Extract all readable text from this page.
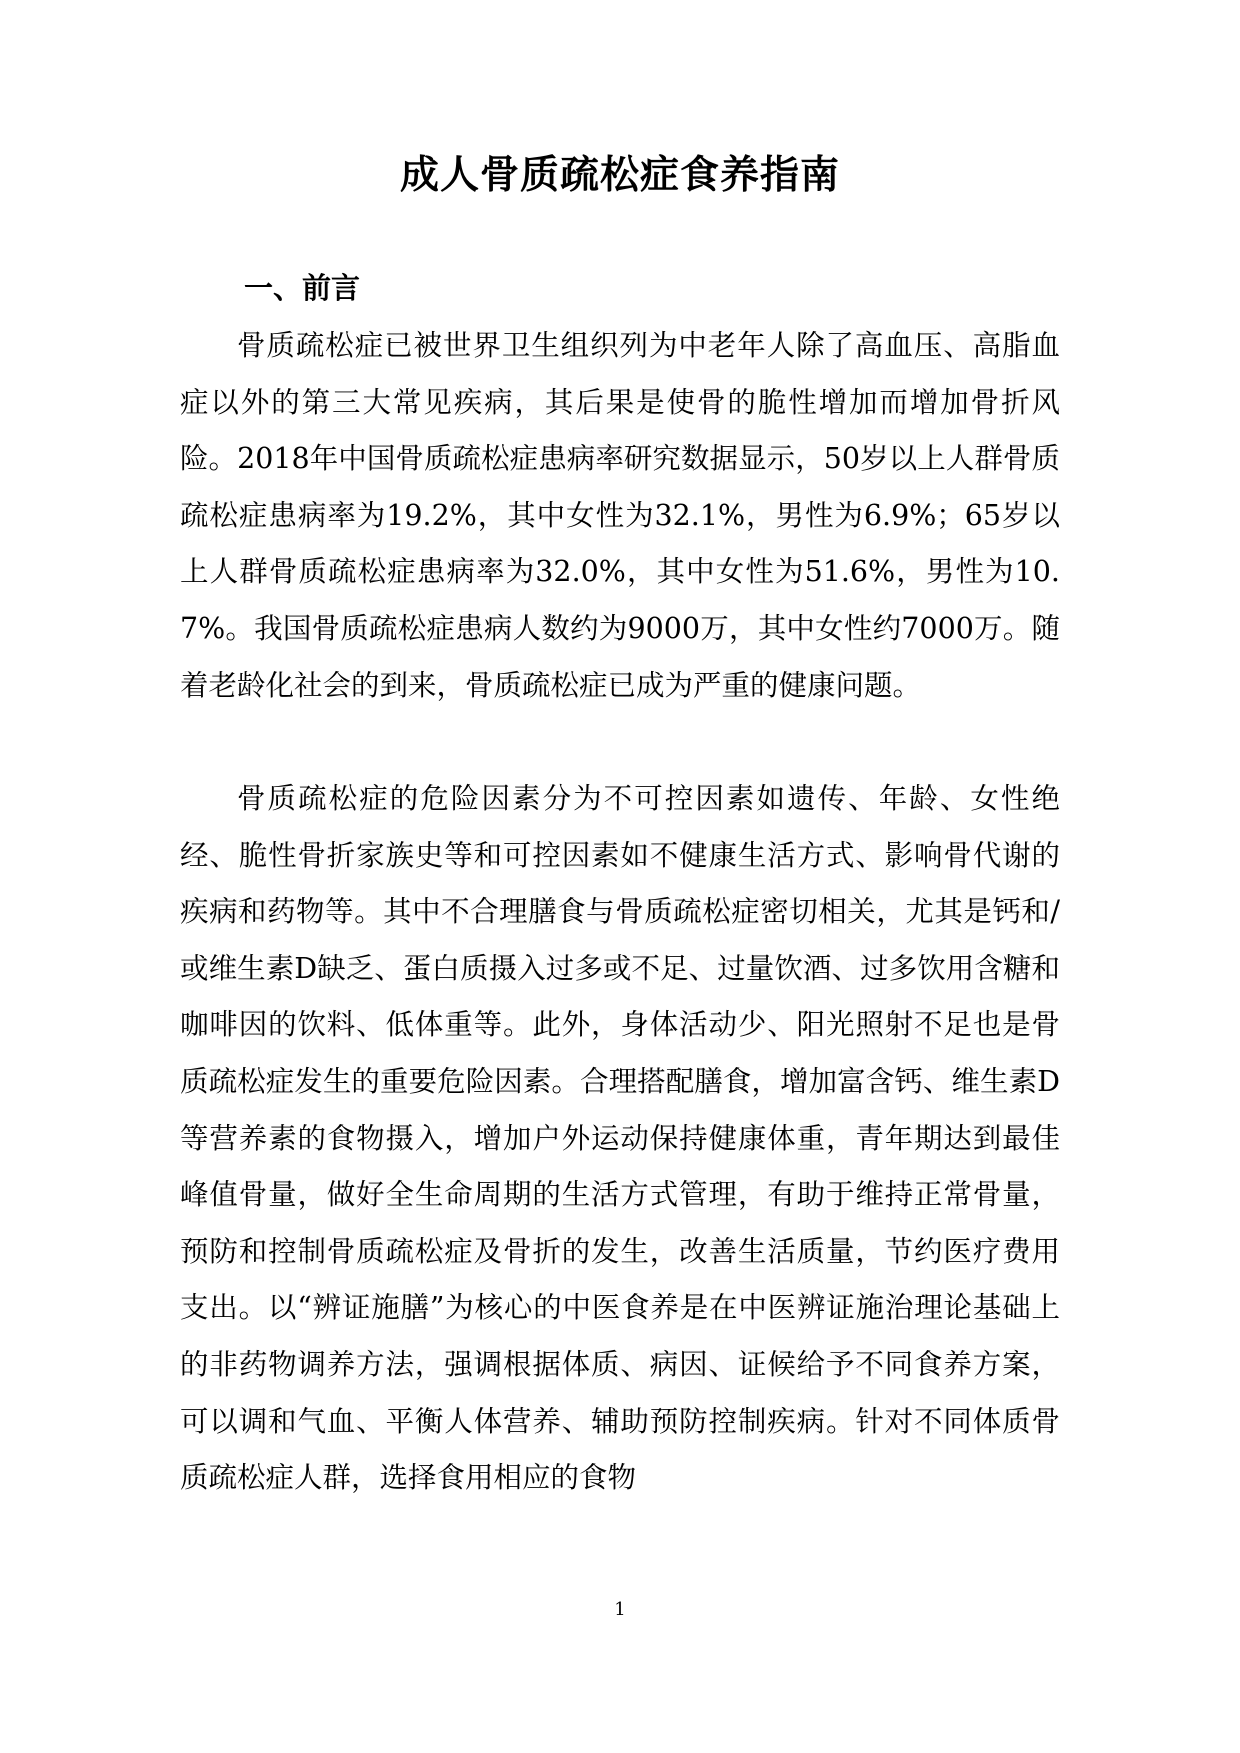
成人骨质疏松症食养指南
一、前言

骨质疏松症已被世界卫生组织列为中老年人除了高血压、高脂血症以外的第三大常见疾病，其后果是使骨的脆性增加而增加骨折风险。2018年中国骨质疏松症患病率研究数据显示，50岁以上人群骨质疏松症患病率为19.2%，其中女性为32.1%，男性为6.9%；65岁以上人群骨质疏松症患病率为32.0%，其中女性为51.6%，男性为10.7%。我国骨质疏松症患病人数约为9000万，其中女性约7000万。随着老龄化社会的到来，骨质疏松症已成为严重的健康问题。

骨质疏松症的危险因素分为不可控因素如遗传、年龄、女性绝经、脆性骨折家族史等和可控因素如不健康生活方式、影响骨代谢的疾病和药物等。其中不合理膳食与骨质疏松症密切相关，尤其是钙和/或维生素D缺乏、蛋白质摄入过多或不足、过量饮酒、过多饮用含糖和咖啡因的饮料、低体重等。此外，身体活动少、阳光照射不足也是骨质疏松症发生的重要危险因素。合理搭配膳食，增加富含钙、维生素D等营养素的食物摄入，增加户外运动保持健康体重，青年期达到最佳峰值骨量，做好全生命周期的生活方式管理，有助于维持正常骨量，预防和控制骨质疏松症及骨折的发生，改善生活质量，节约医疗费用支出。以“辨证施膳”为核心的中医食养是在中医辨证施治理论基础上的非药物调养方法，强调根据体质、病因、证候给予不同食养方案，可以调和气血、平衡人体营养、辅助预防控制疾病。针对不同体质骨质疏松症人群，选择食用相应的食物

1
